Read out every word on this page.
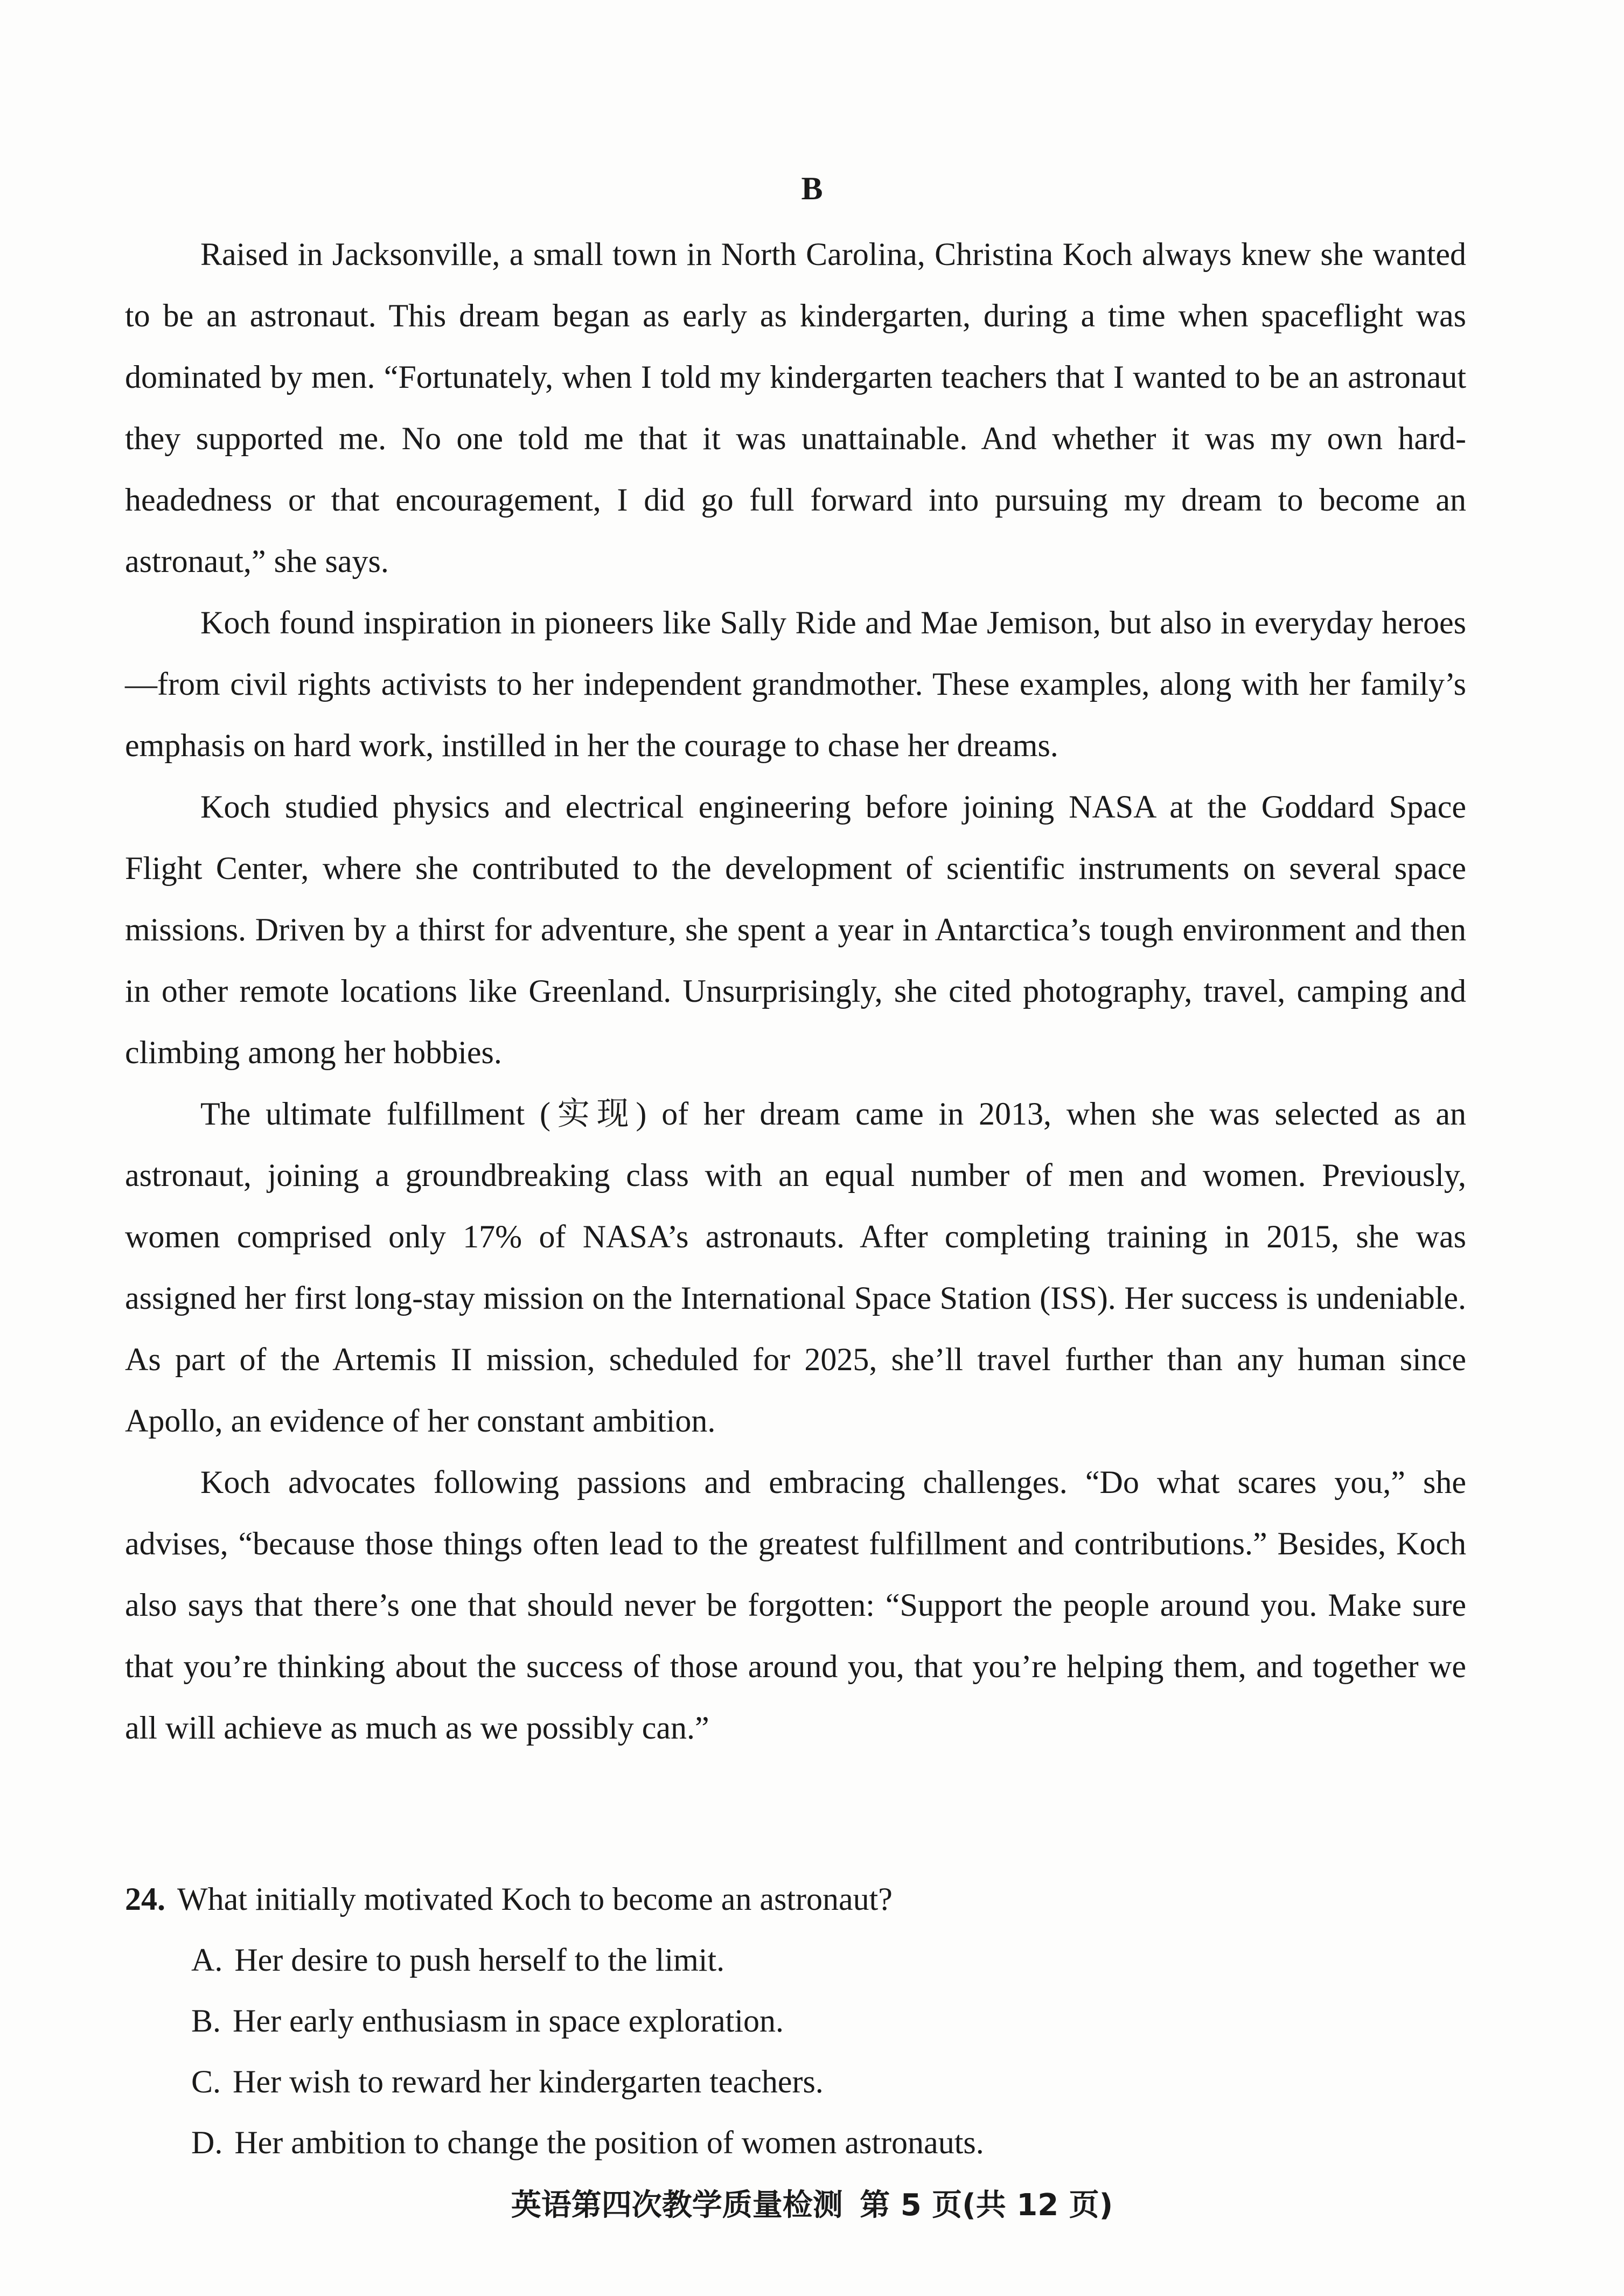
B

Raised in Jacksonville, a small town in North Carolina, Christina Koch always knew she wanted to be an astronaut. This dream began as early as kindergarten, during a time when spaceflight was dominated by men. “Fortunately, when I told my kindergarten teachers that I wanted to be an astronaut they supported me. No one told me that it was unattainable. And whether it was my own hard-headedness or that encouragement, I did go full forward into pursuing my dream to become an astronaut,” she says.

Koch found inspiration in pioneers like Sally Ride and Mae Jemison, but also in everyday heroes—from civil rights activists to her independent grandmother. These examples, along with her family’s emphasis on hard work, instilled in her the courage to chase her dreams.

Koch studied physics and electrical engineering before joining NASA at the Goddard Space Flight Center, where she contributed to the development of scientific instruments on several space missions. Driven by a thirst for adventure, she spent a year in Antarctica’s tough environment and then in other remote locations like Greenland. Unsurprisingly, she cited photography, travel, camping and climbing among her hobbies.

The ultimate fulfillment (实现) of her dream came in 2013, when she was selected as an astronaut, joining a groundbreaking class with an equal number of men and women. Previously, women comprised only 17% of NASA’s astronauts. After completing training in 2015, she was assigned her first long-stay mission on the International Space Station (ISS). Her success is undeniable. As part of the Artemis II mission, scheduled for 2025, she’ll travel further than any human since Apollo, an evidence of her constant ambition.

Koch advocates following passions and embracing challenges. “Do what scares you,” she advises, “because those things often lead to the greatest fulfillment and contributions.” Besides, Koch also says that there’s one that should never be forgotten: “Support the people around you. Make sure that you’re thinking about the success of those around you, that you’re helping them, and together we all will achieve as much as we possibly can.”

24. What initially motivated Koch to become an astronaut?

A. Her desire to push herself to the limit.

B. Her early enthusiasm in space exploration.

C. Her wish to reward her kindergarten teachers.

D. Her ambition to change the position of women astronauts.

英语第四次教学质量检测 第 5 页(共 12 页)
